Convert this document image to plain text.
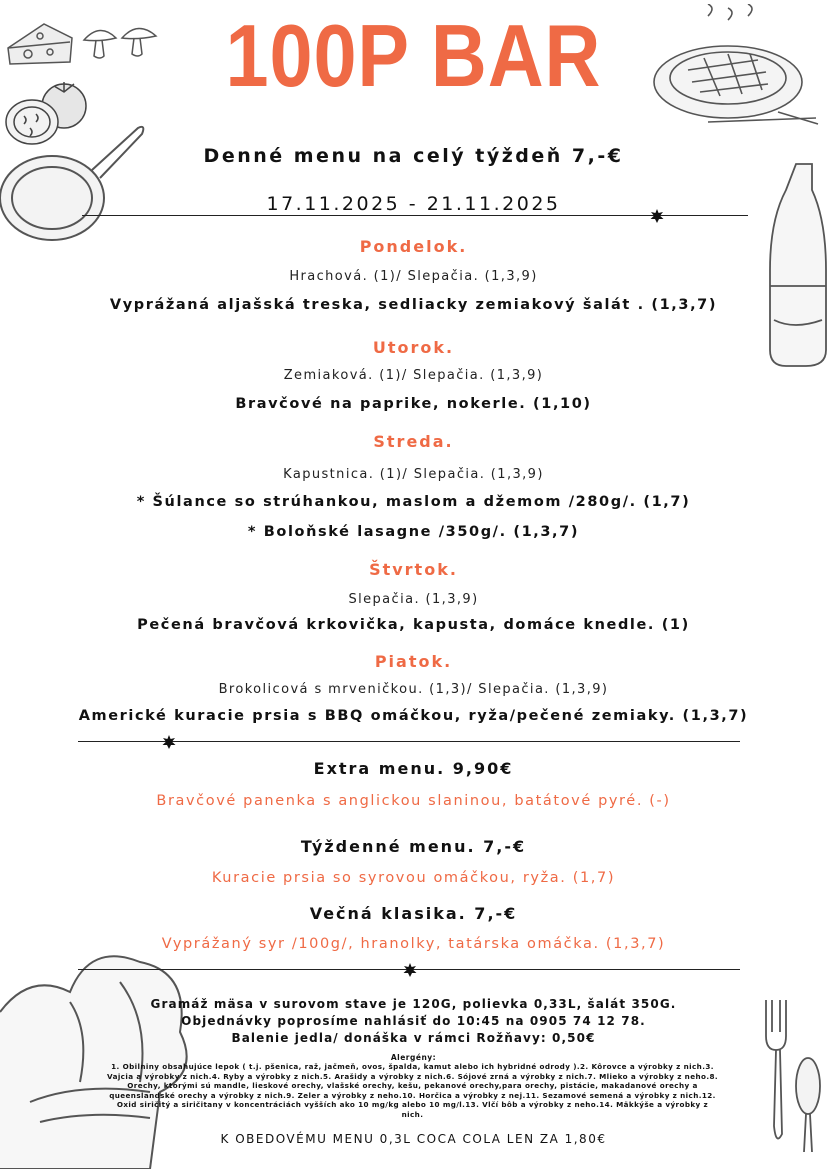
100P BAR
Denné menu na celý týždeň 7,-€
17.11.2025 - 21.11.2025
Pondelok.
Hrachová. (1)/ Slepačia. (1,3,9)
Vyprážaná aljašská treska, sedliacky zemiakový šalát . (1,3,7)
Utorok.
Zemiaková. (1)/ Slepačia. (1,3,9)
Bravčové na paprike, nokerle. (1,10)
Streda.
Kapustnica. (1)/ Slepačia. (1,3,9)
* Šúlance so strúhankou, maslom a džemom /280g/. (1,7)
* Boloňské lasagne /350g/. (1,3,7)
Štvrtok.
Slepačia. (1,3,9)
Pečená bravčová krkovička, kapusta, domáce knedle. (1)
Piatok.
Brokolicová s mrveničkou. (1,3)/ Slepačia. (1,3,9)
Americké kuracie prsia s BBQ omáčkou, ryža/pečené zemiaky. (1,3,7)
Extra menu. 9,90€
Bravčové panenka s anglickou slaninou, batátové pyré. (-)
Týždenné menu. 7,-€
Kuracie prsia so syrovou omáčkou, ryža. (1,7)
Večná klasika. 7,-€
Vyprážaný syr /100g/, hranolky, tatárska omáčka. (1,3,7)
Gramáž mäsa v surovom stave je 120G, polievka 0,33L, šalát 350G.
Objednávky poprosíme nahlásiť do 10:45 na 0905 74 12 78.
Balenie jedla/ donáška v rámci Rožňavy: 0,50€
Alergény:
1. Obilniny obsahujúce lepok ( t.j. pšenica, raž, jačmeň, ovos, špalda, kamut alebo ich hybridné odrody ).2. Kôrovce a výrobky z nich.3. Vajcia a výrobky z nich.4. Ryby a výrobky z nich.5. Arašidy a výrobky z nich.6. Sójové zrná a výrobky z nich.7. Mlieko a výrobky z neho.8. Orechy, ktorými sú mandle, lieskové orechy, vlašské orechy, kešu, pekanové orechy,para orechy, pistácie, makadanové orechy a queenslandské orechy a výrobky z nich.9. Zeler a výrobky z neho.10. Horčica a výrobky z nej.11. Sezamové semená a výrobky z nich.12. Oxid siričitý a siričitany v koncentráciách vyšších ako 10 mg/kg alebo 10 mg/l.13. Vlčí bôb a výrobky z neho.14. Mäkkýše a výrobky z nich.
K OBEDOVÉMU MENU 0,3L COCA COLA LEN ZA 1,80€
